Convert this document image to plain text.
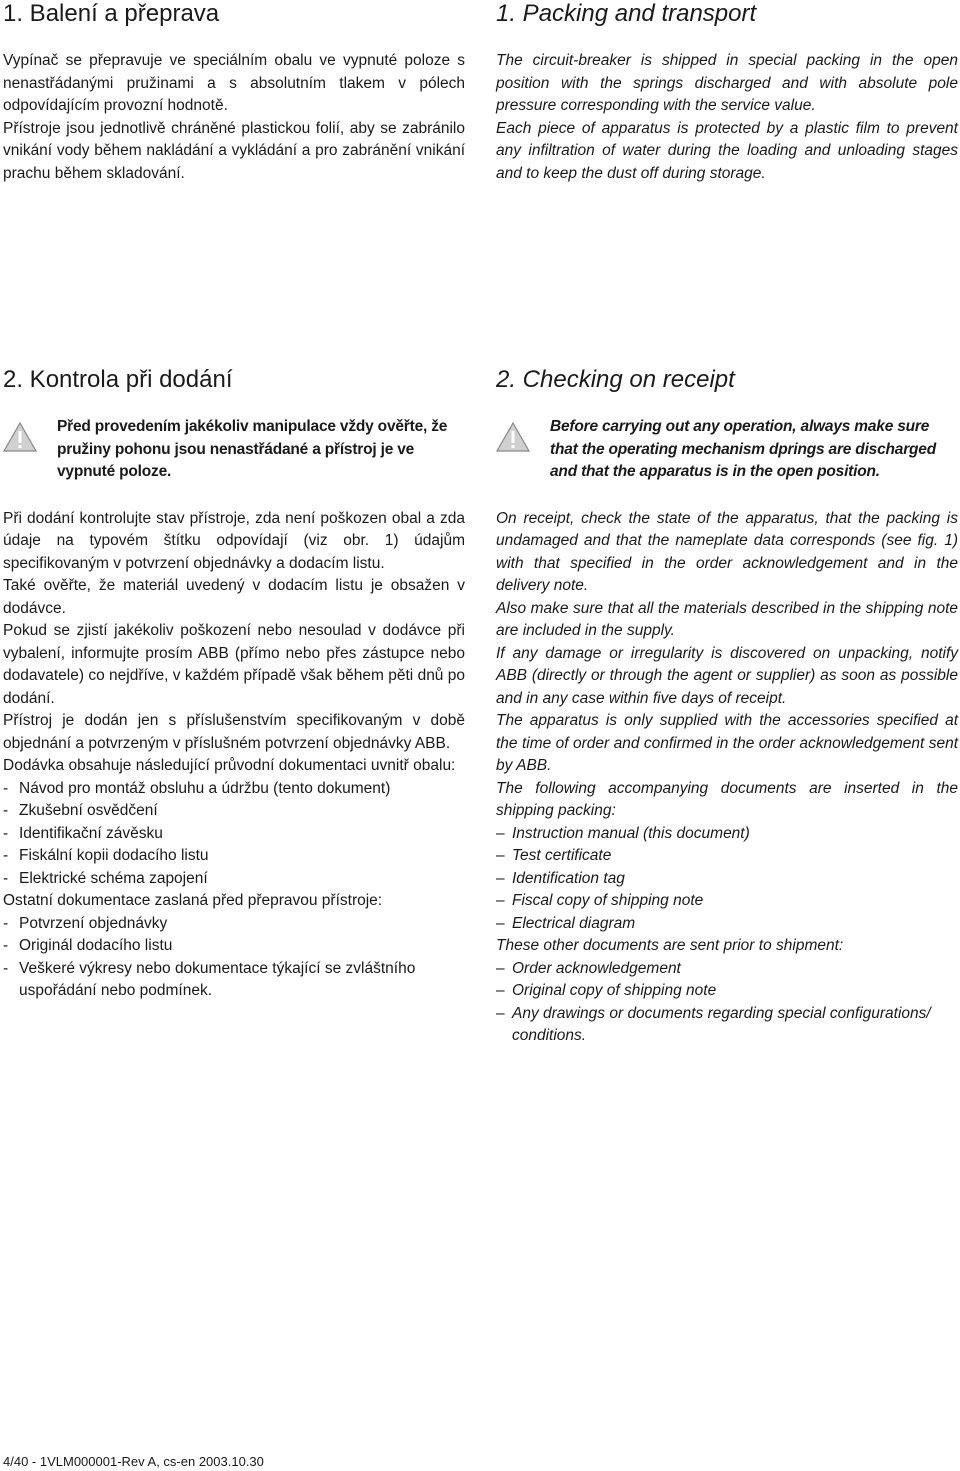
1. Balení a přeprava

Vypínač se přepravuje ve speciálním obalu ve vypnuté poloze s nenastřádanými pružinami a s absolutním tlakem v pólech odpovídajícím provozní hodnotě.

Přístroje jsou jednotlivě chráněné plastickou folií, aby se zabránilo vnikání vody během nakládání a vykládání a pro zabránění vnikání prachu během skladování.

1. Packing and transport

The circuit-breaker is shipped in special packing in the open position with the springs discharged and with absolute pole pressure corresponding with the service value.

Each piece of apparatus is protected by a plastic film to prevent any infiltration of water during the loading and unloading stages and to keep the dust off during storage.

2. Kontrola při dodání

Před provedením jakékoliv manipulace vždy ověřte, že pružiny pohonu jsou nenastřádané a přístroj je ve vypnuté poloze.

Při dodání kontrolujte stav přístroje, zda není poškozen obal a zda údaje na typovém štítku odpovídají (viz obr. 1) údajům specifikovaným v potvrzení objednávky a dodacím listu.

Také ověřte, že materiál uvedený v dodacím listu je obsažen v dodávce.

Pokud se zjistí jakékoliv poškození nebo nesoulad v dodávce při vybalení, informujte prosím ABB (přímo nebo přes zástupce nebo dodavatele) co nejdříve, v každém případě však během pěti dnů po dodání.

Přístroj je dodán jen s příslušenstvím specifikovaným v době objednání a potvrzeným v příslušném potvrzení objednávky ABB.

Dodávka obsahuje následující průvodní dokumentaci uvnitř obalu:

- Návod pro montáž obsluhu a údržbu (tento dokument)
- Zkušební osvědčení
- Identifikační závěsku
- Fiskální kopii dodacího listu
- Elektrické schéma zapojení

Ostatní dokumentace zaslaná před přepravou přístroje:

- Potvrzení objednávky
- Originál dodacího listu
- Veškeré výkresy nebo dokumentace týkající se zvláštního uspořádání nebo podmínek.
2. Checking on receipt

Before carrying out any operation, always make sure that the operating mechanism dprings are discharged and that the apparatus is in the open position.

On receipt, check the state of the apparatus, that the packing is undamaged and that the nameplate data corresponds (see fig. 1) with that specified in the order acknowledgement and in the delivery note.

Also make sure that all the materials described in the shipping note are included in the supply.

If any damage or irregularity is discovered on unpacking, notify ABB (directly or through the agent or supplier) as soon as possible and in any case within five days of receipt.

The apparatus is only supplied with the accessories specified at the time of order and confirmed in the order acknowledgement sent by ABB.

The following accompanying documents are inserted in the shipping packing:

– Instruction manual (this document)
– Test certificate
– Identification tag
– Fiscal copy of shipping note
– Electrical diagram

These other documents are sent prior to shipment:

– Order acknowledgement
– Original copy of shipping note
– Any drawings or documents regarding special configurations/ conditions.
4/40 - 1VLM000001-Rev A, cs-en 2003.10.30
